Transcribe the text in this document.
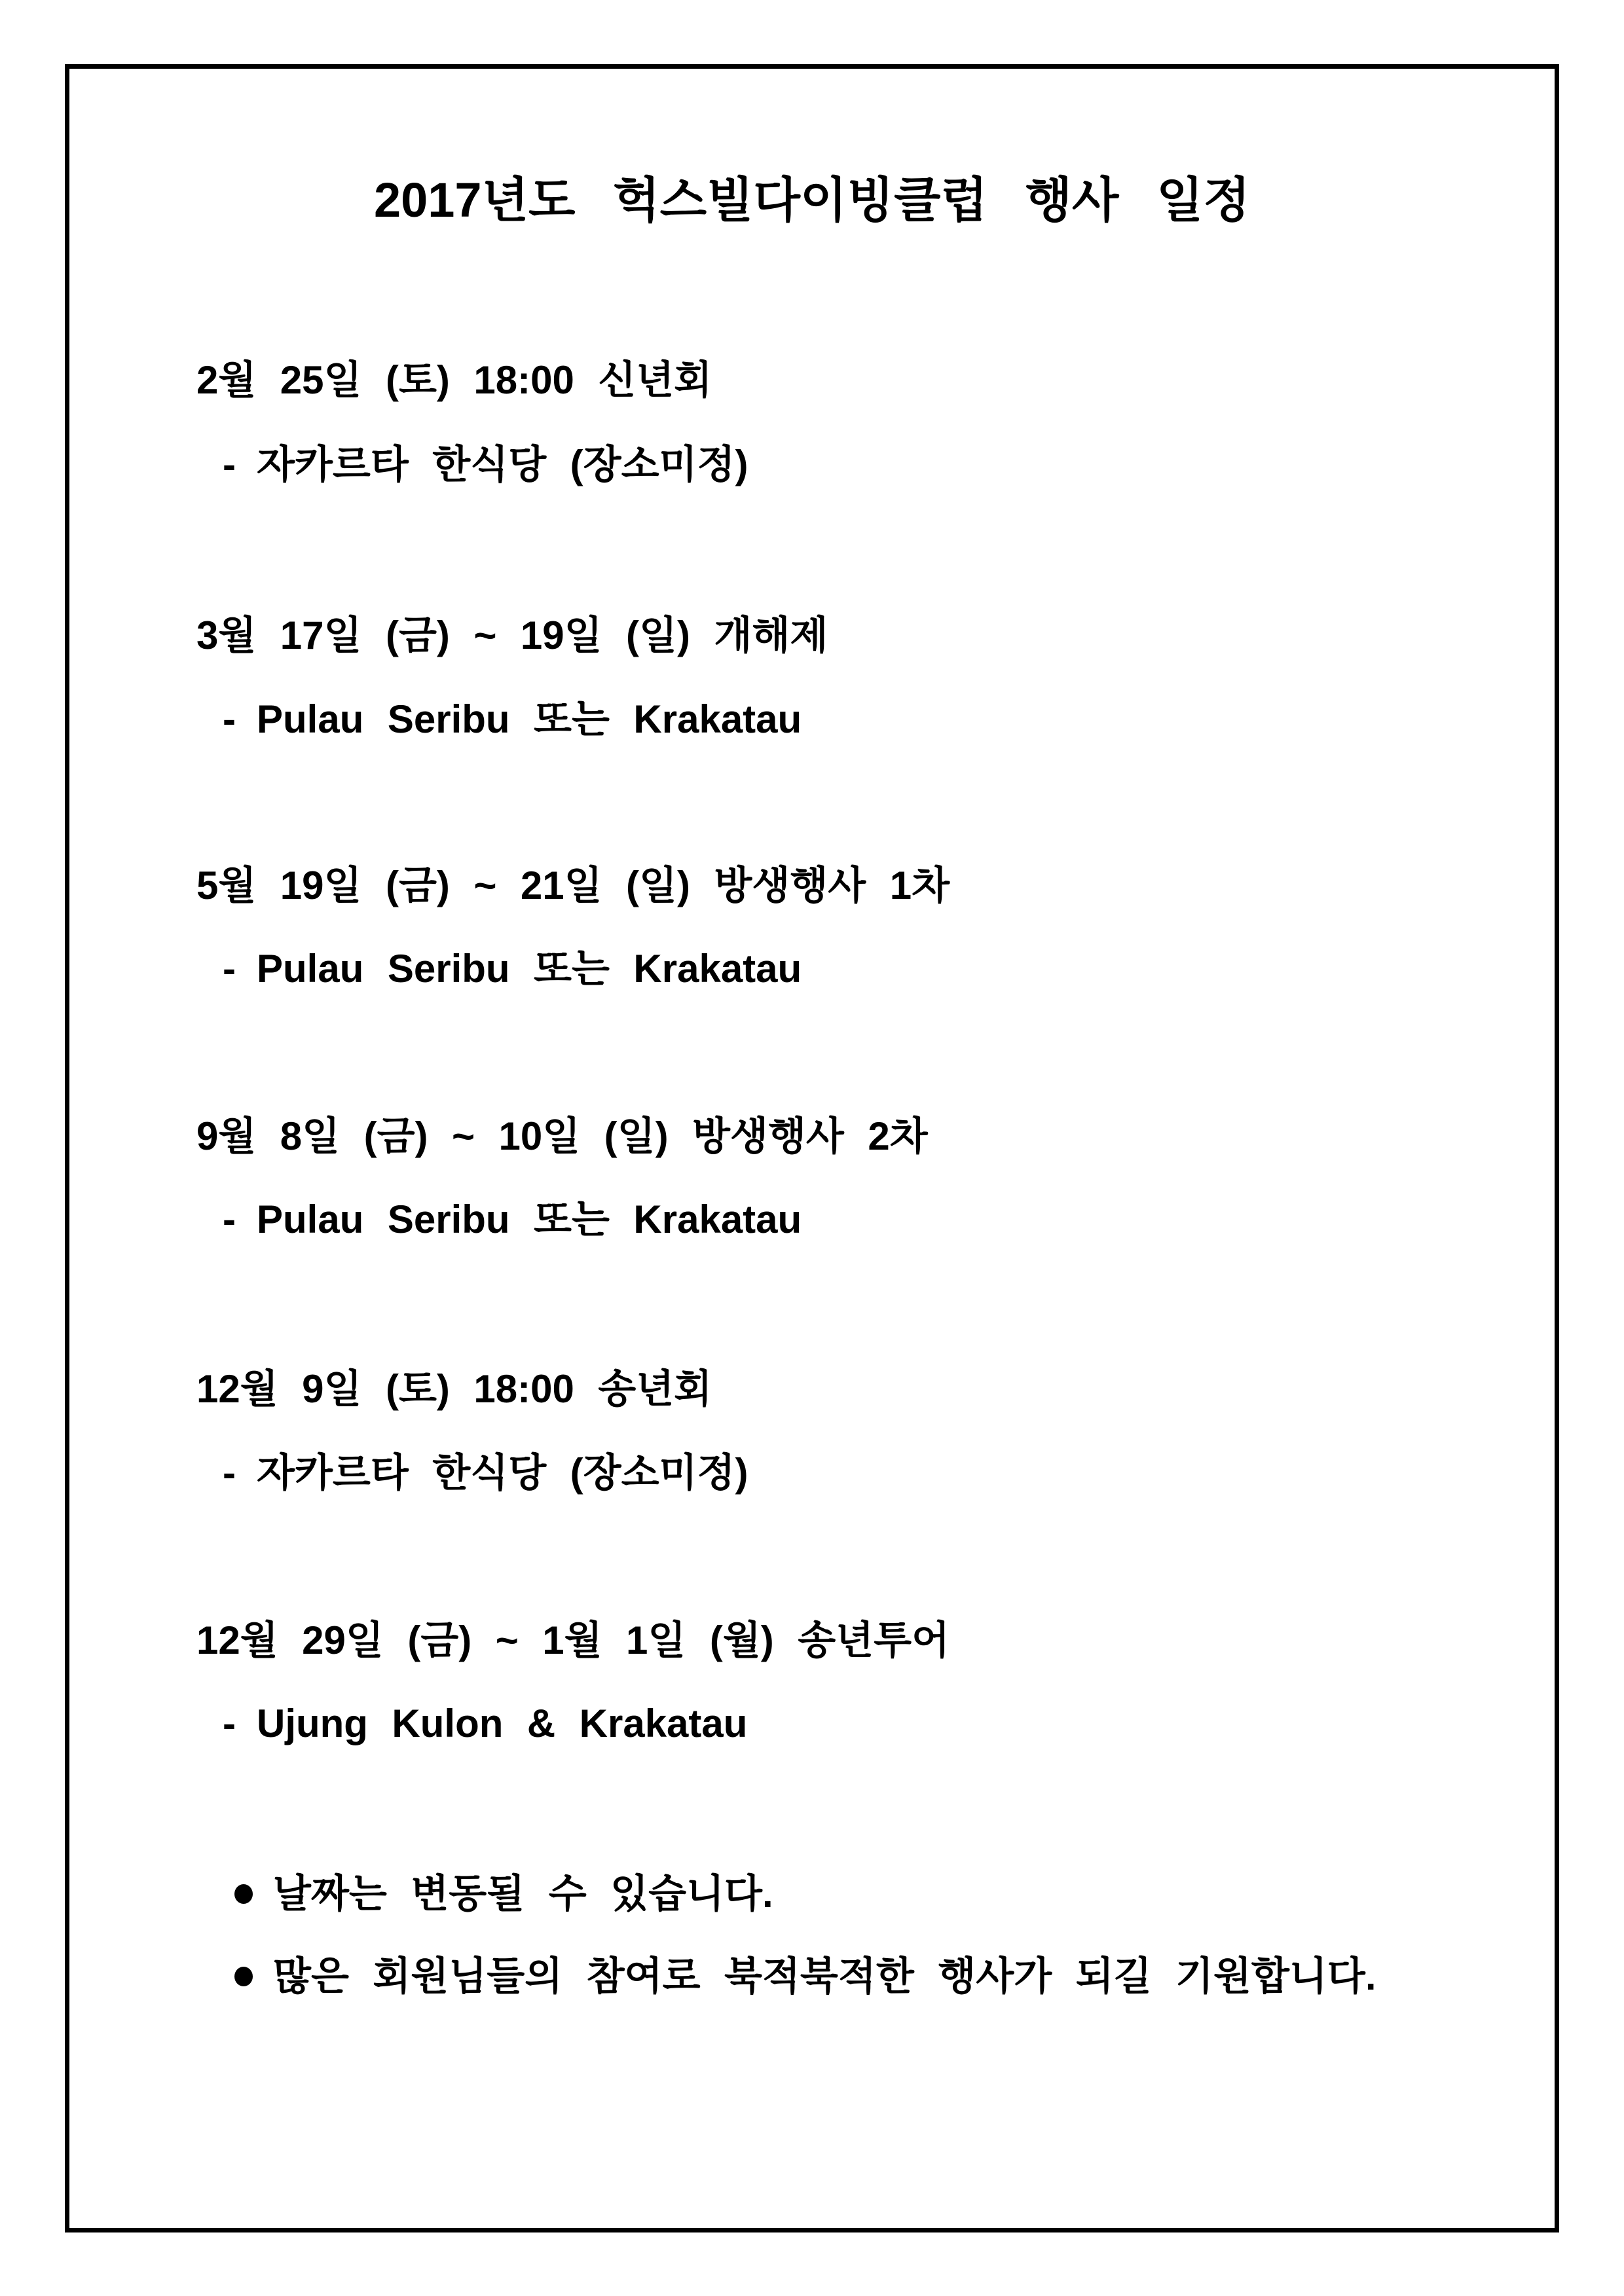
2017년도 헉스빌다이빙클럽 행사 일정
2월 25일 (토) 18:00 신년회
- 자카르타 한식당 (장소미정)
3월 17일 (금) ~ 19일 (일) 개해제
- Pulau Seribu 또는 Krakatau
5월 19일 (금) ~ 21일 (일) 방생행사 1차
- Pulau Seribu 또는 Krakatau
9월 8일 (금) ~ 10일 (일) 방생행사 2차
- Pulau Seribu 또는 Krakatau
12월 9일 (토) 18:00 송년회
- 자카르타 한식당 (장소미정)
12월 29일 (금) ~ 1월 1일 (월) 송년투어
- Ujung Kulon & Krakatau
날짜는 변동될 수 있습니다.
많은 회원님들의 참여로 북적북적한 행사가 되길 기원합니다.
